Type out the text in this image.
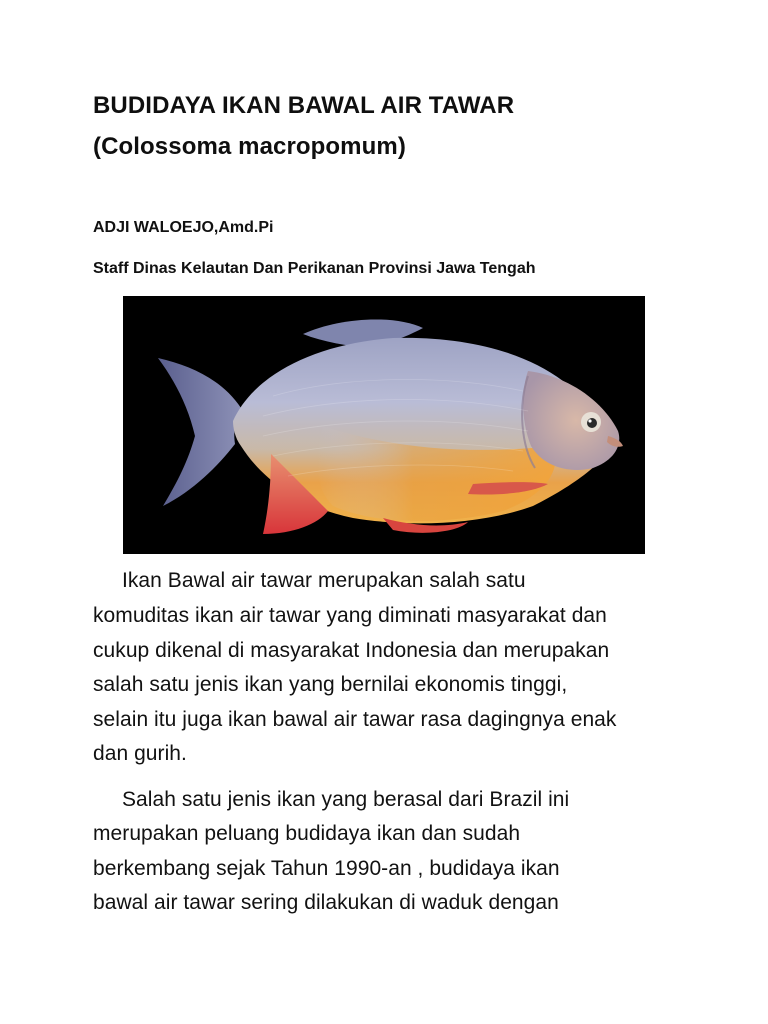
BUDIDAYA IKAN BAWAL AIR TAWAR
(Colossoma macropomum)
ADJI WALOEJO,Amd.Pi
Staff Dinas Kelautan Dan Perikanan Provinsi Jawa Tengah
Ikan Bawal air tawar merupakan salah satu
komuditas ikan air tawar yang diminati masyarakat dan
cukup dikenal di masyarakat Indonesia dan merupakan
salah satu jenis ikan yang bernilai ekonomis tinggi,
selain itu juga ikan bawal air tawar rasa dagingnya enak
dan gurih.
Salah satu jenis ikan yang berasal dari Brazil ini
merupakan peluang budidaya ikan dan sudah
berkembang sejak Tahun 1990-an , budidaya ikan
bawal air tawar sering dilakukan di waduk dengan
